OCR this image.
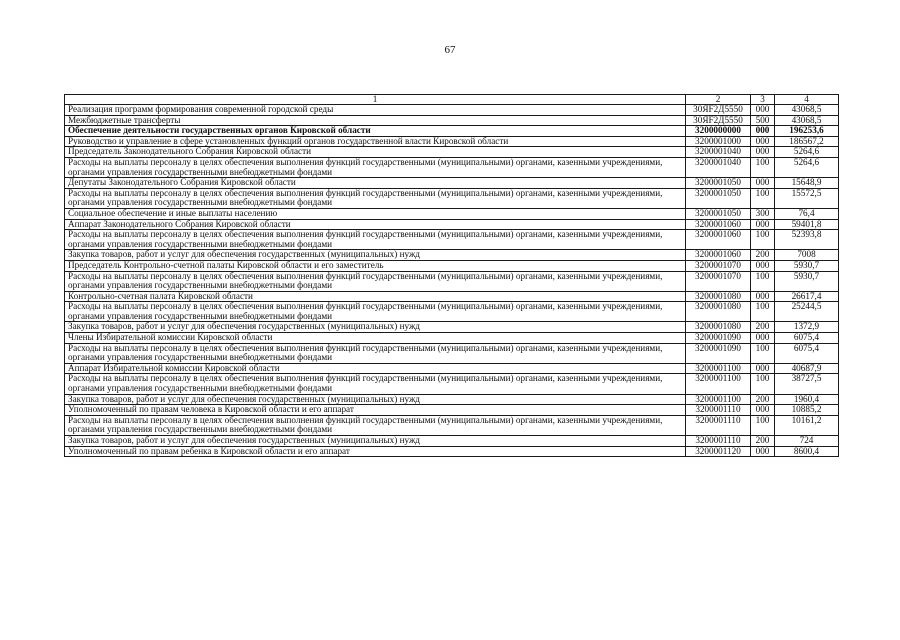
67
1	2	3	4
Реализация программ формирования современной городской среды	30ЯF2Д5550	000	43068,5
Межбюджетные трансферты	30ЯF2Д5550	500	43068,5
Обеспечение деятельности государственных органов Кировской области	3200000000	000	196253,6
Руководство и управление в сфере установленных функций органов государственной власти Кировской области	3200001000	000	186567,2
Председатель Законодательного Собрания Кировской области	3200001040	000	5264,6
Расходы на выплаты персоналу в целях обеспечения выполнения функций государственными (муниципальными) органами, казенными учреждениями, органами управления государственными внебюджетными фондами	3200001040	100	5264,6
Депутаты Законодательного Собрания Кировской области	3200001050	000	15648,9
Расходы на выплаты персоналу в целях обеспечения выполнения функций государственными (муниципальными) органами, казенными учреждениями, органами управления государственными внебюджетными фондами	3200001050	100	15572,5
Социальное обеспечение и иные выплаты населению	3200001050	300	76,4
Аппарат Законодательного Собрания Кировской области	3200001060	000	59401,8
Расходы на выплаты персоналу в целях обеспечения выполнения функций государственными (муниципальными) органами, казенными учреждениями, органами управления государственными внебюджетными фондами	3200001060	100	52393,8
Закупка товаров, работ и услуг для обеспечения государственных (муниципальных) нужд	3200001060	200	7008
Председатель Контрольно-счетной палаты Кировской области и его заместитель	3200001070	000	5930,7
Расходы на выплаты персоналу в целях обеспечения выполнения функций государственными (муниципальными) органами, казенными учреждениями, органами управления государственными внебюджетными фондами	3200001070	100	5930,7
Контрольно-счетная палата Кировской области	3200001080	000	26617,4
Расходы на выплаты персоналу в целях обеспечения выполнения функций государственными (муниципальными) органами, казенными учреждениями, органами управления государственными внебюджетными фондами	3200001080	100	25244,5
Закупка товаров, работ и услуг для обеспечения государственных (муниципальных) нужд	3200001080	200	1372,9
Члены Избирательной комиссии Кировской области	3200001090	000	6075,4
Расходы на выплаты персоналу в целях обеспечения выполнения функций государственными (муниципальными) органами, казенными учреждениями, органами управления государственными внебюджетными фондами	3200001090	100	6075,4
Аппарат Избирательной комиссии Кировской области	3200001100	000	40687,9
Расходы на выплаты персоналу в целях обеспечения выполнения функций государственными (муниципальными) органами, казенными учреждениями, органами управления государственными внебюджетными фондами	3200001100	100	38727,5
Закупка товаров, работ и услуг для обеспечения государственных (муниципальных) нужд	3200001100	200	1960,4
Уполномоченный по правам человека в Кировской области и его аппарат	3200001110	000	10885,2
Расходы на выплаты персоналу в целях обеспечения выполнения функций государственными (муниципальными) органами, казенными учреждениями, органами управления государственными внебюджетными фондами	3200001110	100	10161,2
Закупка товаров, работ и услуг для обеспечения государственных (муниципальных) нужд	3200001110	200	724
Уполномоченный по правам ребенка в Кировской области и его аппарат	3200001120	000	8600,4
